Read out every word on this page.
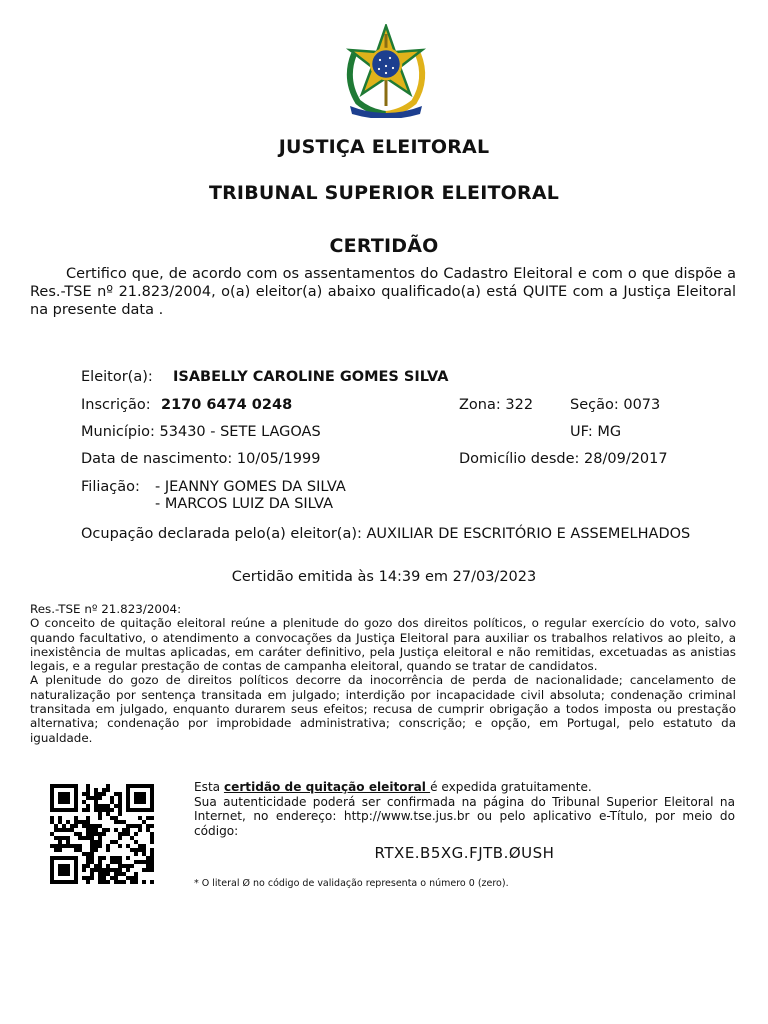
JUSTIÇA ELEITORAL
TRIBUNAL SUPERIOR ELEITORAL
CERTIDÃO
Certifico que, de acordo com os assentamentos do Cadastro Eleitoral e com o que dispõe a Res.-TSE nº 21.823/2004, o(a) eleitor(a) abaixo qualificado(a) está QUITE com a Justiça Eleitoral na presente data .
Eleitor(a): ISABELLY CAROLINE GOMES SILVA
Inscrição: 2170 6474 0248	Zona: 322	Seção: 0073
Município: 53430 - SETE LAGOAS	UF: MG
Data de nascimento: 10/05/1999	Domicílio desde: 28/09/2017
Filiação: - JEANNY GOMES DA SILVA
- MARCOS LUIZ DA SILVA
Ocupação declarada pelo(a) eleitor(a): AUXILIAR DE ESCRITÓRIO E ASSEMELHADOS
Certidão emitida às 14:39 em 27/03/2023

Res.-TSE nº 21.823/2004:

O conceito de quitação eleitoral reúne a plenitude do gozo dos direitos políticos, o regular exercício do voto, salvo quando facultativo, o atendimento a convocações da Justiça Eleitoral para auxiliar os trabalhos relativos ao pleito, a inexistência de multas aplicadas, em caráter definitivo, pela Justiça eleitoral e não remitidas, excetuadas as anistias legais, e a regular prestação de contas de campanha eleitoral, quando se tratar de candidatos.

A plenitude do gozo de direitos políticos decorre da inocorrência de perda de nacionalidade; cancelamento de naturalização por sentença transitada em julgado; interdição por incapacidade civil absoluta; condenação criminal transitada em julgado, enquanto durarem seus efeitos; recusa de cumprir obrigação a todos imposta ou prestação alternativa; condenação por improbidade administrativa; conscrição; e opção, em Portugal, pelo estatuto da igualdade.

Esta certidão de quitação eleitoral é expedida gratuitamente.

Sua autenticidade poderá ser confirmada na página do Tribunal Superior Eleitoral na Internet, no endereço: http://www.tse.jus.br ou pelo aplicativo e-Título, por meio do código:

RTXE.B5XG.FJTB.ØUSH
* O literal Ø no código de validação representa o número 0 (zero).
